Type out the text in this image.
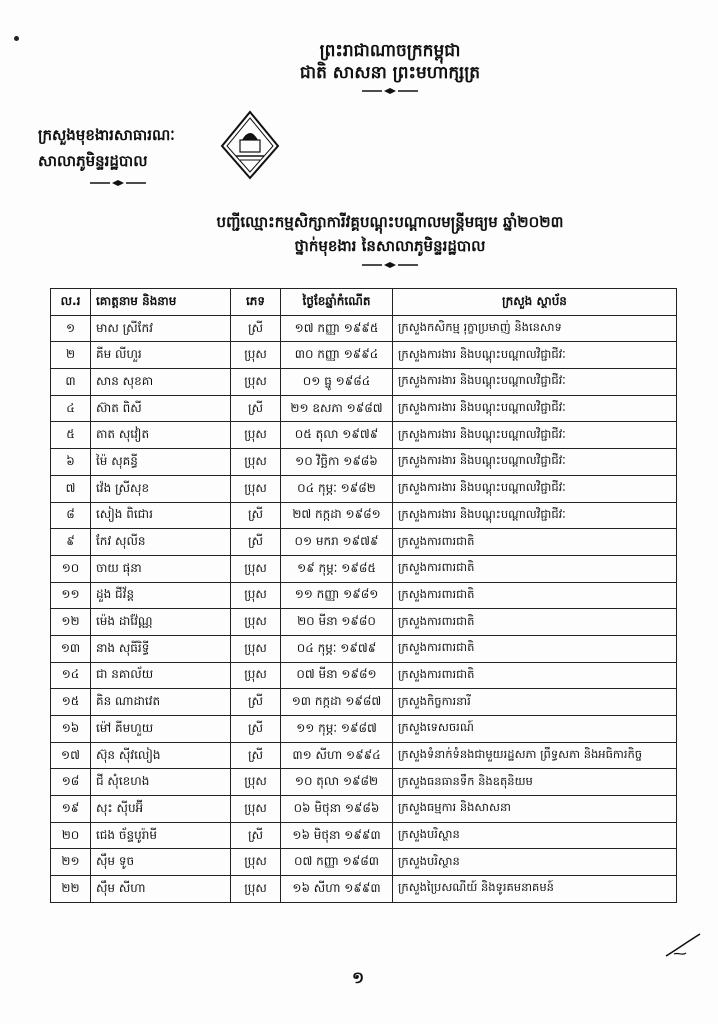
ព្រះរាជាណាចក្រកម្ពុជា
ជាតិ សាសនា ព្រះមហាក្សត្រ
ក្រសួងមុខងារសាធារណៈ
សាលាភូមិន្ទរដ្ឋបាល
បញ្ជីឈ្មោះកម្មសិក្សាការីវគ្គបណ្តុះបណ្តាលមន្ត្រីមធ្យម ឆ្នាំ២០២៣
ថ្នាក់មុខងារ នៃសាលាភូមិន្ទរដ្ឋបាល
ល.រ	គោត្តនាម និងនាម	ភេទ	ថ្ងៃខែឆ្នាំកំណើត	ក្រសួង ស្ថាប័ន
១	មាស ស្រីកែវ	ស្រី	១៧ កញ្ញា ១៩៩៥	ក្រសួងកសិកម្ម រុក្ខាប្រមាញ់ និងនេសាទ
២	គីម លីហួរ	ប្រុស	៣០ កញ្ញា ១៩៩៤	ក្រសួងការងារ និងបណ្តុះបណ្តាលវិជ្ជាជីវៈ
៣	សាន សុខគា	ប្រុស	០១ ធ្នូ ១៩៨៤	ក្រសួងការងារ និងបណ្តុះបណ្តាលវិជ្ជាជីវៈ
៤	ស៊ាត ពិសី	ស្រី	២១ ឧសភា ១៩៨៧	ក្រសួងការងារ និងបណ្តុះបណ្តាលវិជ្ជាជីវៈ
៥	តាត សុវៀត	ប្រុស	០៥ តុលា ១៩៧៩	ក្រសួងការងារ និងបណ្តុះបណ្តាលវិជ្ជាជីវៈ
៦	ម៉ៃ សុគន្ធី	ប្រុស	១០ វិច្ឆិកា ១៩៨៦	ក្រសួងការងារ និងបណ្តុះបណ្តាលវិជ្ជាជីវៈ
៧	វ៉េង ស្រីសុខ	ប្រុស	០៤ កុម្ភៈ ១៩៨២	ក្រសួងការងារ និងបណ្តុះបណ្តាលវិជ្ជាជីវៈ
៨	សៀង ពិជោរ	ស្រី	២៧ កក្កដា ១៩៨១	ក្រសួងការងារ និងបណ្តុះបណ្តាលវិជ្ជាជីវៈ
៩	កែវ សុលីន	ស្រី	០១ មករា ១៩៧៩	ក្រសួងការពារជាតិ
១០	ចាយ ផុនា	ប្រុស	១៩ កុម្ភៈ ១៩៨៥	ក្រសួងការពារជាតិ
១១	ដួង ជីវ័ន្ត	ប្រុស	១១ កញ្ញា ១៩៨១	ក្រសួងការពារជាតិ
១២	ម៉េង ដាវ៉ែណ្ណ	ប្រុស	២០ មីនា ១៩៨០	ក្រសួងការពារជាតិ
១៣	នាង សុធីរិទ្ធី	ប្រុស	០៤ កុម្ភៈ ១៩៧៩	ក្រសួងការពារជាតិ
១៤	ជា នគាល័យ	ប្រុស	០៧ មីនា ១៩៨១	ក្រសួងការពារជាតិ
១៥	គិន ណាដាវេត	ស្រី	១៣ កក្កដា ១៩៨៧	ក្រសួងកិច្ចការនារី
១៦	ម៉ៅ គីមហួយ	ស្រី	១១ កុម្ភៈ ១៩៨៧	ក្រសួងទេសចរណ៍
១៧	ស៊ុន ស៊ីវលៀង	ស្រី	៣១ សីហា ១៩៩៤	ក្រសួងទំនាក់ទំនងជាមួយរដ្ឋសភា ព្រឹទ្ធសភា និងអធិការកិច្ច
១៨	ជី សុំខេហង	ប្រុស	១០ តុលា ១៩៨២	ក្រសួងធនធានទឹក និងឧតុនិយម
១៩	សុះ ស៊ីបអ៊ី	ប្រុស	០៦ មិថុនា ១៩៨៦	ក្រសួងធម្មការ និងសាសនា
២០	ជេង ច័ន្ទបូរ៉ាមី	ស្រី	១៦ មិថុនា ១៩៩៣	ក្រសួងបរិស្ថាន
២១	ស៊ឹម ទូច	ប្រុស	០៧ កញ្ញា ១៩៨៣	ក្រសួងបរិស្ថាន
២២	ស៊ឹម សីហា	ប្រុស	១៦ សីហា ១៩៩៣	ក្រសួងប្រៃសណីយ៍ និងទូរគមនាគមន៍
១
